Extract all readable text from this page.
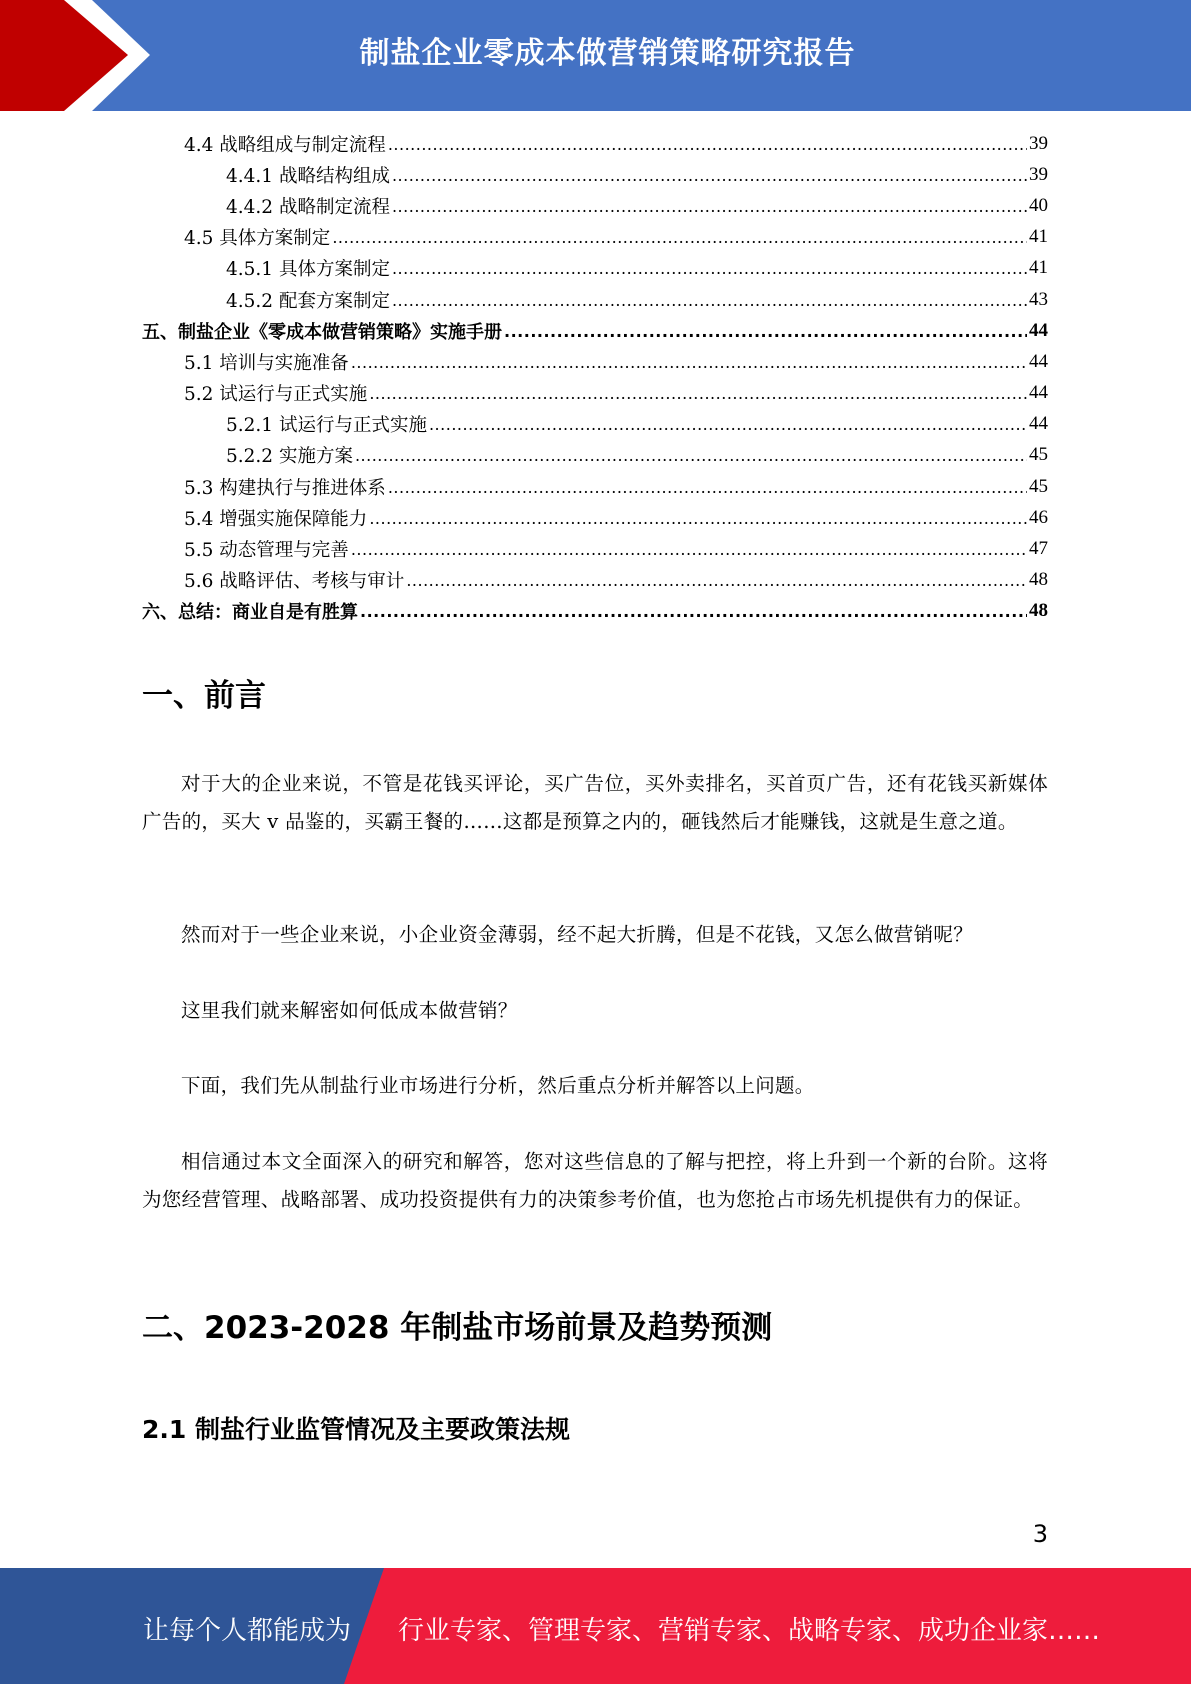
制盐企业零成本做营销策略研究报告
4.4 战略组成与制定流程 .....	39
4.4.1 战略结构组成 .....	39
4.4.2 战略制定流程 .....	40
4.5 具体方案制定 .....	41
4.5.1 具体方案制定 .....	41
4.5.2 配套方案制定 .....	43
五、制盐企业《零成本做营销策略》实施手册 .....	44
5.1 培训与实施准备 .....	44
5.2 试运行与正式实施 .....	44
5.2.1 试运行与正式实施 .....	44
5.2.2 实施方案 .....	45
5.3 构建执行与推进体系 .....	45
5.4 增强实施保障能力 .....	46
5.5 动态管理与完善 .....	47
5.6 战略评估、考核与审计 .....	48
六、总结：商业自是有胜算 .....	48
一、前言

对于大的企业来说，不管是花钱买评论，买广告位，买外卖排名，买首页广告，还有花钱买新媒体广告的，买大 v 品鉴的，买霸王餐的……这都是预算之内的，砸钱然后才能赚钱，这就是生意之道。

然而对于一些企业来说，小企业资金薄弱，经不起大折腾，但是不花钱，又怎么做营销呢？

这里我们就来解密如何低成本做营销？

下面，我们先从制盐行业市场进行分析，然后重点分析并解答以上问题。

相信通过本文全面深入的研究和解答，您对这些信息的了解与把控，将上升到一个新的台阶。这将为您经营管理、战略部署、成功投资提供有力的决策参考价值，也为您抢占市场先机提供有力的保证。

二、2023-2028 年制盐市场前景及趋势预测
2.1 制盐行业监管情况及主要政策法规
3
让每个人都能成为 行业专家、管理专家、营销专家、战略专家、成功企业家……
